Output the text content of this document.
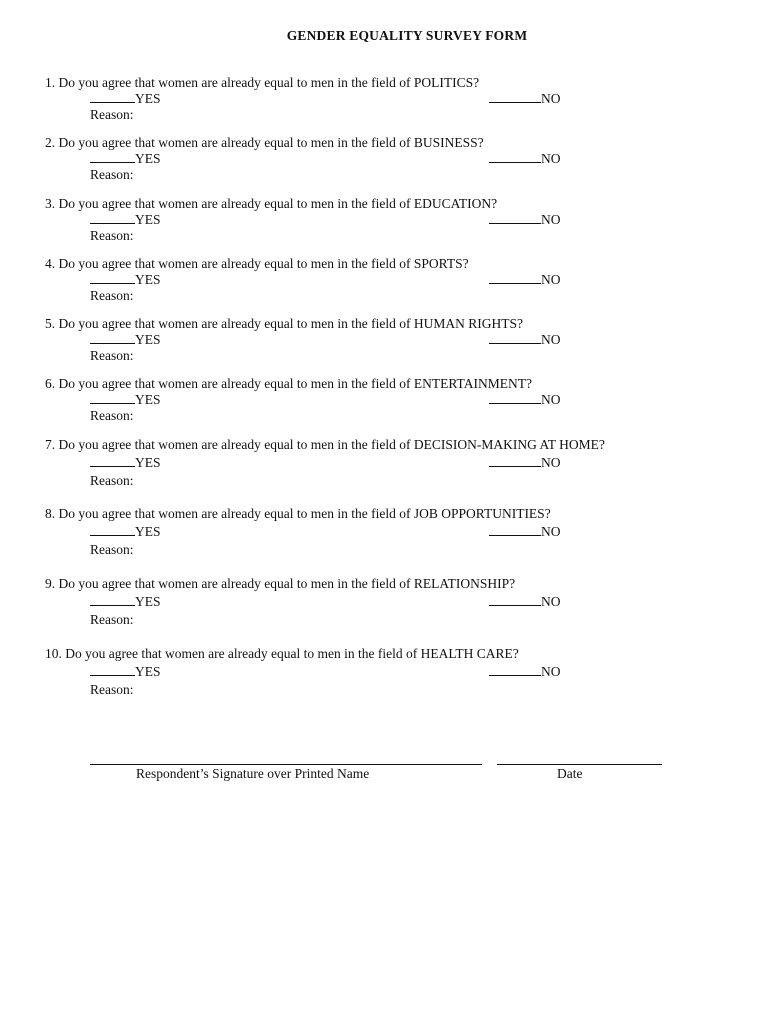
GENDER EQUALITY SURVEY FORM
1. Do you agree that women are already equal to men in the field of POLITICS?
YES	NO
Reason:
2. Do you agree that women are already equal to men in the field of BUSINESS?
YES	NO
Reason:
3. Do you agree that women are already equal to men in the field of EDUCATION?
YES	NO
Reason:
4. Do you agree that women are already equal to men in the field of SPORTS?
YES	NO
Reason:
5. Do you agree that women are already equal to men in the field of HUMAN RIGHTS?
YES	NO
Reason:
6. Do you agree that women are already equal to men in the field of ENTERTAINMENT?
YES	NO
Reason:
7. Do you agree that women are already equal to men in the field of DECISION-MAKING AT HOME?
YES	NO
Reason:
8. Do you agree that women are already equal to men in the field of JOB OPPORTUNITIES?
YES	NO
Reason:
9. Do you agree that women are already equal to men in the field of RELATIONSHIP?
YES	NO
Reason:
10. Do you agree that women are already equal to men in the field of HEALTH CARE?
YES	NO
Reason:
Respondent’s Signature over Printed Name	Date
